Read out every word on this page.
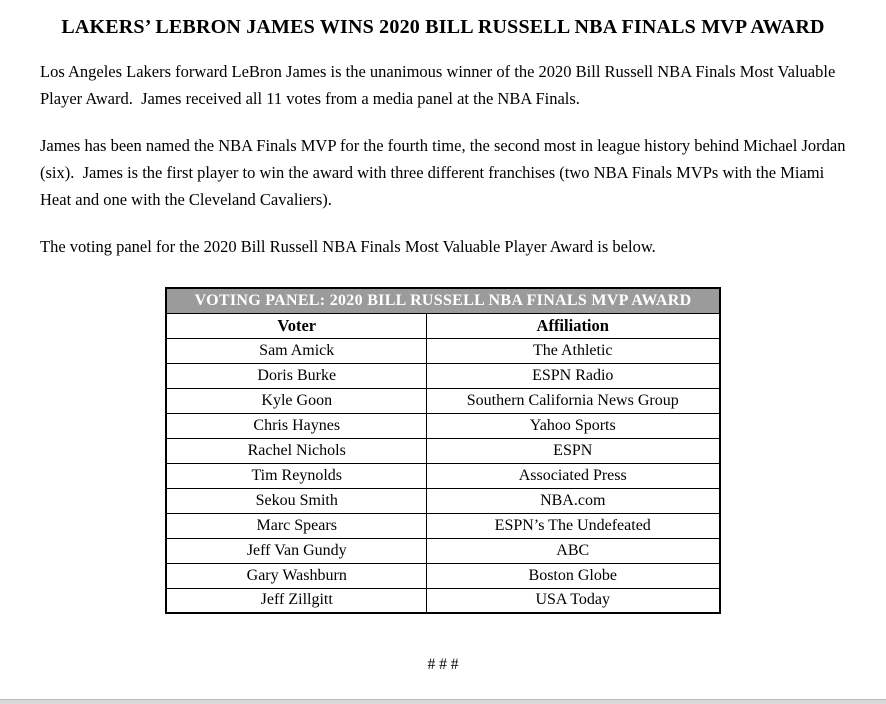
LAKERS’ LEBRON JAMES WINS 2020 BILL RUSSELL NBA FINALS MVP AWARD

Los Angeles Lakers forward LeBron James is the unanimous winner of the 2020 Bill Russell NBA Finals Most Valuable Player Award.  James received all 11 votes from a media panel at the NBA Finals.

James has been named the NBA Finals MVP for the fourth time, the second most in league history behind Michael Jordan (six).  James is the first player to win the award with three different franchises (two NBA Finals MVPs with the Miami Heat and one with the Cleveland Cavaliers).

The voting panel for the 2020 Bill Russell NBA Finals Most Valuable Player Award is below.

VOTING PANEL: 2020 BILL RUSSELL NBA FINALS MVP AWARD	
Voter	Affiliation
Sam Amick	The Athletic
Doris Burke	ESPN Radio
Kyle Goon	Southern California News Group
Chris Haynes	Yahoo Sports
Rachel Nichols	ESPN
Tim Reynolds	Associated Press
Sekou Smith	NBA.com
Marc Spears	ESPN’s The Undefeated
Jeff Van Gundy	ABC
Gary Washburn	Boston Globe
Jeff Zillgitt	USA Today
# # #
